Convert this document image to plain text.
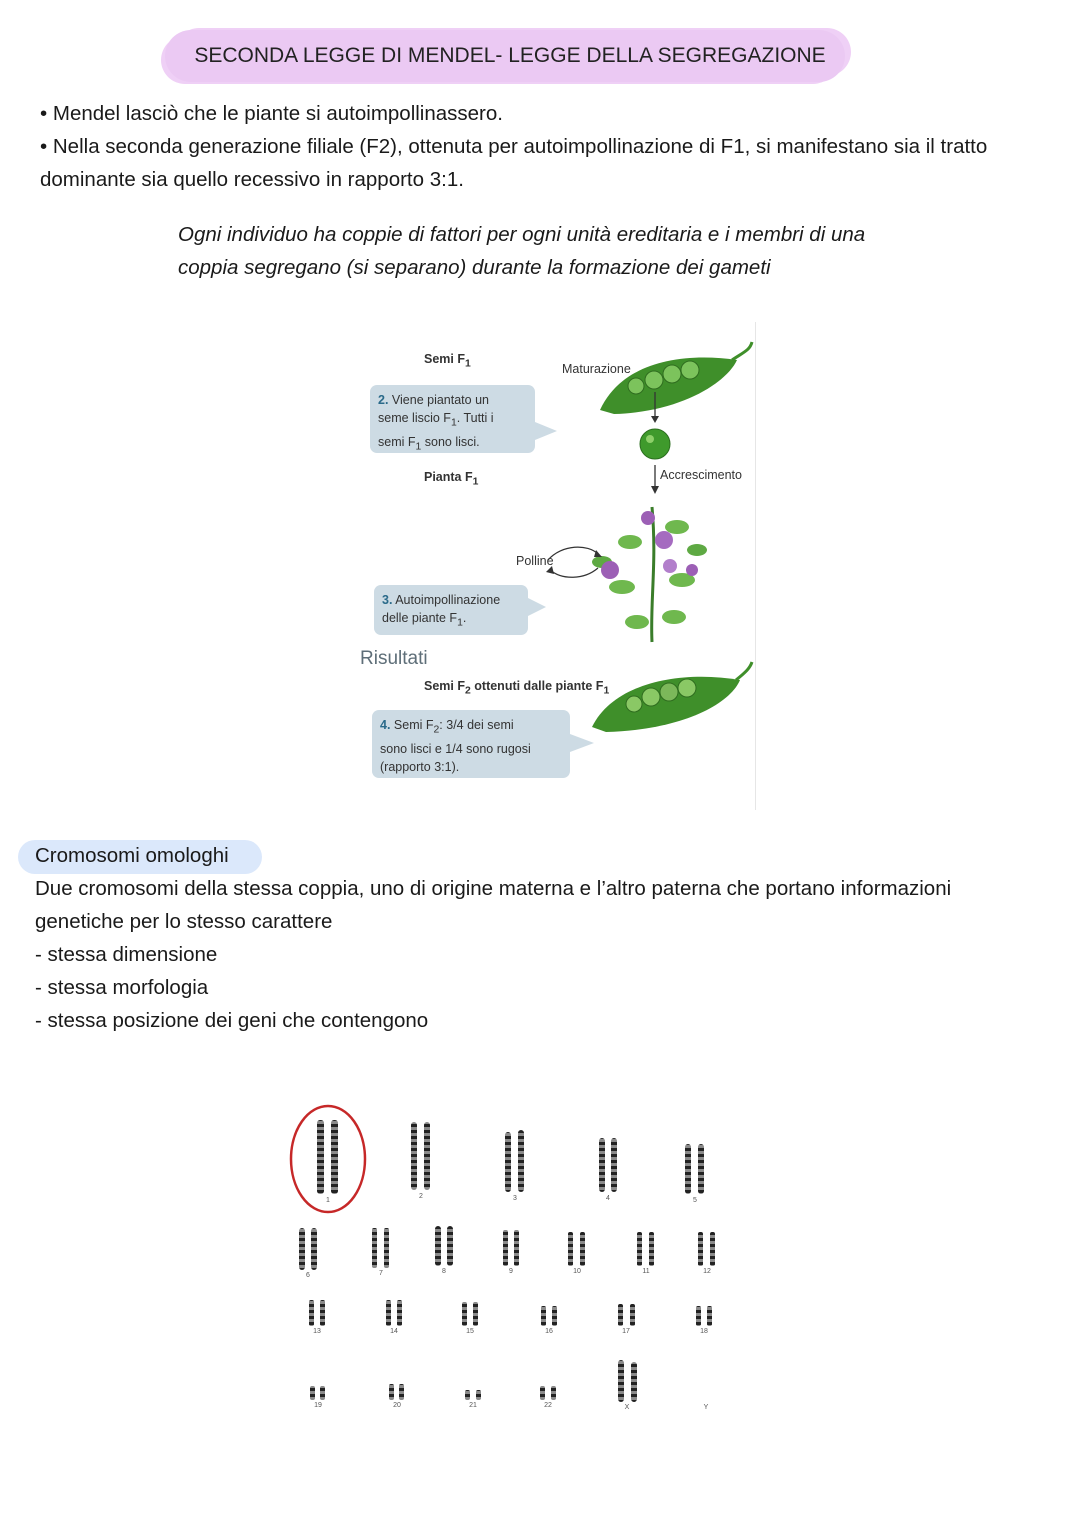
SECONDA LEGGE DI MENDEL- LEGGE DELLA SEGREGAZIONE
• Mendel lasciò che le piante si autoimpollinassero.
• Nella seconda generazione filiale (F2), ottenuta per autoimpollinazione di F1, si manifestano sia il tratto
dominante sia quello recessivo in rapporto 3:1.
Ogni individuo ha coppie di fattori per ogni unità ereditaria e i membri di una
coppia segregano (si separano) durante la formazione dei gameti
Semi $F_1$	Maturazione
2. Viene piantato un
seme liscio $F_1$. Tutti i
semi $F_1$ sono lisci.
Pianta $F_1$	Accrescimento
Polline
3. Autoimpollinazione
delle piante $F_1$.
Risultati
Semi $F_2$ ottenuti dalle piante $F_1$
4. Semi $F_2$: 3/4 dei semi
sono lisci e 1/4 sono rugosi
(rapporto 3:1).
Cromosomi omologhi
Due cromosomi della stessa coppia, uno di origine materna e l’altro paterna che portano informazioni
genetiche per lo stesso carattere
- stessa dimensione
- stessa morfologia
- stessa posizione dei geni che contengono
1
2	3	4	5
6	7	8	9	10	11	12
13	14	15	16	17	18
19	20	21	22	X	Y
